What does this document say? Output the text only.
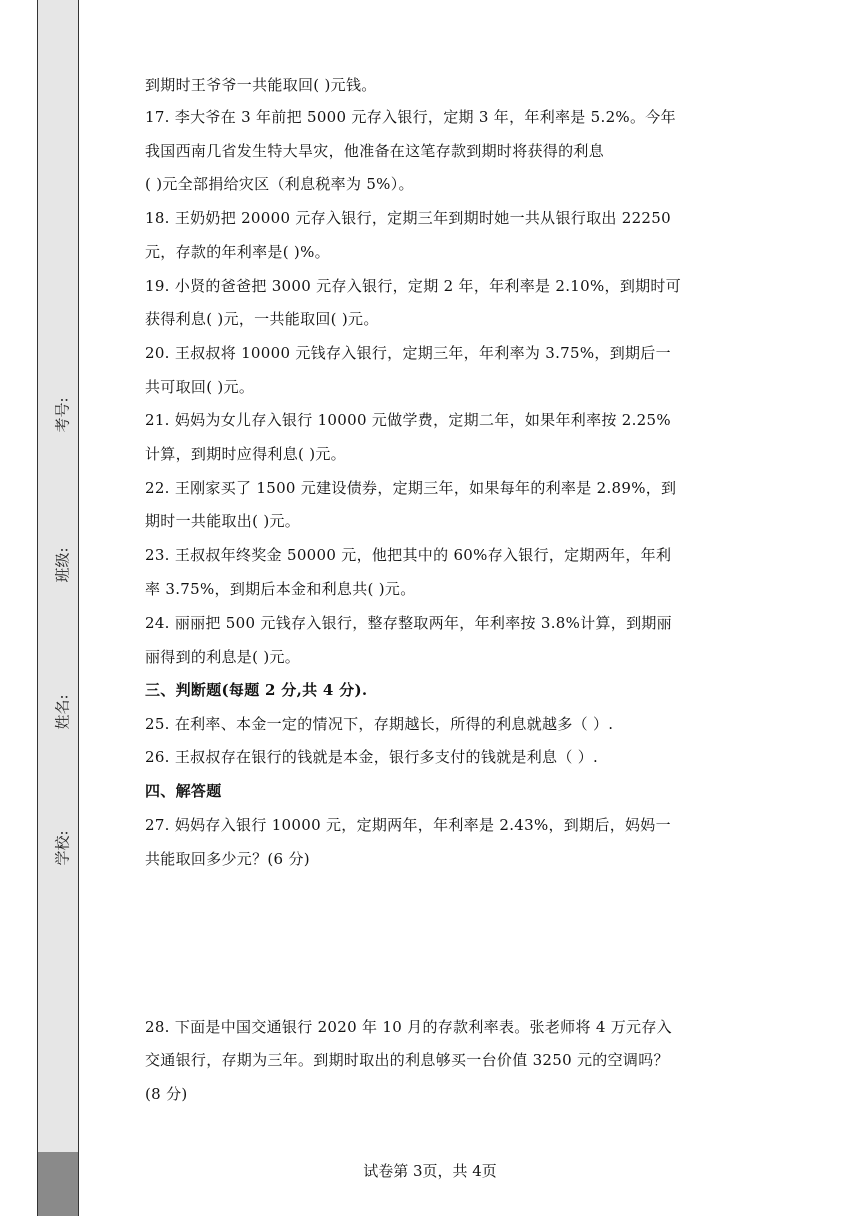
考号:
班级:
姓名:
学校:
到期时王爷爷一共能取回( )元钱。
17. 李大爷在 3 年前把 5000 元存入银行，定期 3 年，年利率是 5.2%。今年
我国西南几省发生特大旱灾，他准备在这笔存款到期时将获得的利息
( )元全部捐给灾区（利息税率为 5%）。
18. 王奶奶把 20000 元存入银行，定期三年到期时她一共从银行取出 22250
元，存款的年利率是( )%。
19. 小贤的爸爸把 3000 元存入银行，定期 2 年，年利率是 2.10%，到期时可
获得利息( )元，一共能取回( )元。
20. 王叔叔将 10000 元钱存入银行，定期三年，年利率为 3.75%，到期后一
共可取回( )元。
21. 妈妈为女儿存入银行 10000 元做学费，定期二年，如果年利率按 2.25%
计算，到期时应得利息( )元。
22. 王刚家买了 1500 元建设债券，定期三年，如果每年的利率是 2.89%，到
期时一共能取出( )元。
23. 王叔叔年终奖金 50000 元，他把其中的 60%存入银行，定期两年，年利
率 3.75%，到期后本金和利息共( )元。
24. 丽丽把 500 元钱存入银行，整存整取两年，年利率按 3.8%计算，到期丽
丽得到的利息是( )元。
三、判断题(每题 2 分,共 4 分).
25. 在利率、本金一定的情况下，存期越长，所得的利息就越多（ ）.
26. 王叔叔存在银行的钱就是本金，银行多支付的钱就是利息（ ）.
四、解答题
27. 妈妈存入银行 10000 元，定期两年，年利率是 2.43%，到期后，妈妈一
共能取回多少元？(6 分)
28. 下面是中国交通银行 2020 年 10 月的存款利率表。张老师将 4 万元存入
交通银行，存期为三年。到期时取出的利息够买一台价值 3250 元的空调吗？
(8 分)
试卷第 3页，共 4页
